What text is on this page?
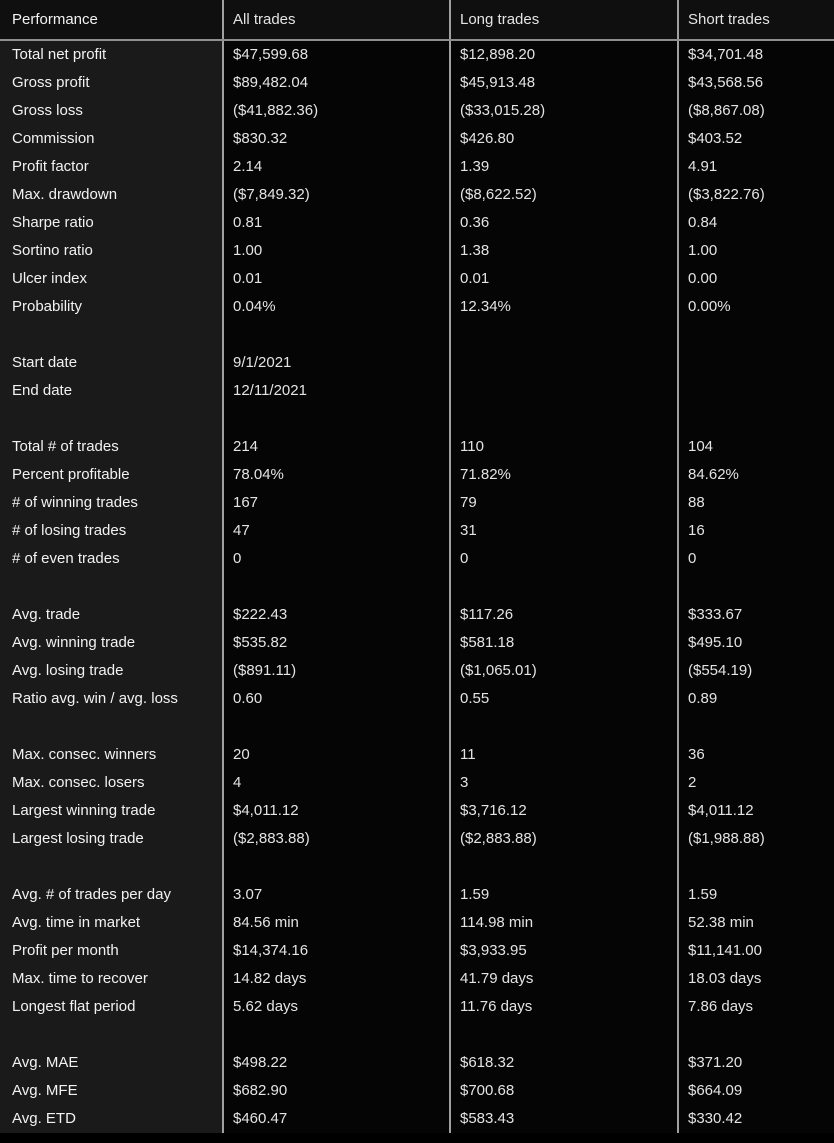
Performance	All trades	Long trades	Short trades
Total net profit	$47,599.68	$12,898.20	$34,701.48
Gross profit	$89,482.04	$45,913.48	$43,568.56
Gross loss	($41,882.36)	($33,015.28)	($8,867.08)
Commission	$830.32	$426.80	$403.52
Profit factor	2.14	1.39	4.91
Max. drawdown	($7,849.32)	($8,622.52)	($3,822.76)
Sharpe ratio	0.81	0.36	0.84
Sortino ratio	1.00	1.38	1.00
Ulcer index	0.01	0.01	0.00
Probability	0.04%	12.34%	0.00%
Start date	9/1/2021
End date	12/11/2021
Total # of trades	214	110	104
Percent profitable	78.04%	71.82%	84.62%
# of winning trades	167	79	88
# of losing trades	47	31	16
# of even trades	0	0	0
Avg. trade	$222.43	$117.26	$333.67
Avg. winning trade	$535.82	$581.18	$495.10
Avg. losing trade	($891.11)	($1,065.01)	($554.19)
Ratio avg. win / avg. loss	0.60	0.55	0.89
Max. consec. winners	20	11	36
Max. consec. losers	4	3	2
Largest winning trade	$4,011.12	$3,716.12	$4,011.12
Largest losing trade	($2,883.88)	($2,883.88)	($1,988.88)
Avg. # of trades per day	3.07	1.59	1.59
Avg. time in market	84.56 min	114.98 min	52.38 min
Profit per month	$14,374.16	$3,933.95	$11,141.00
Max. time to recover	14.82 days	41.79 days	18.03 days
Longest flat period	5.62 days	11.76 days	7.86 days
Avg. MAE	$498.22	$618.32	$371.20
Avg. MFE	$682.90	$700.68	$664.09
Avg. ETD	$460.47	$583.43	$330.42
